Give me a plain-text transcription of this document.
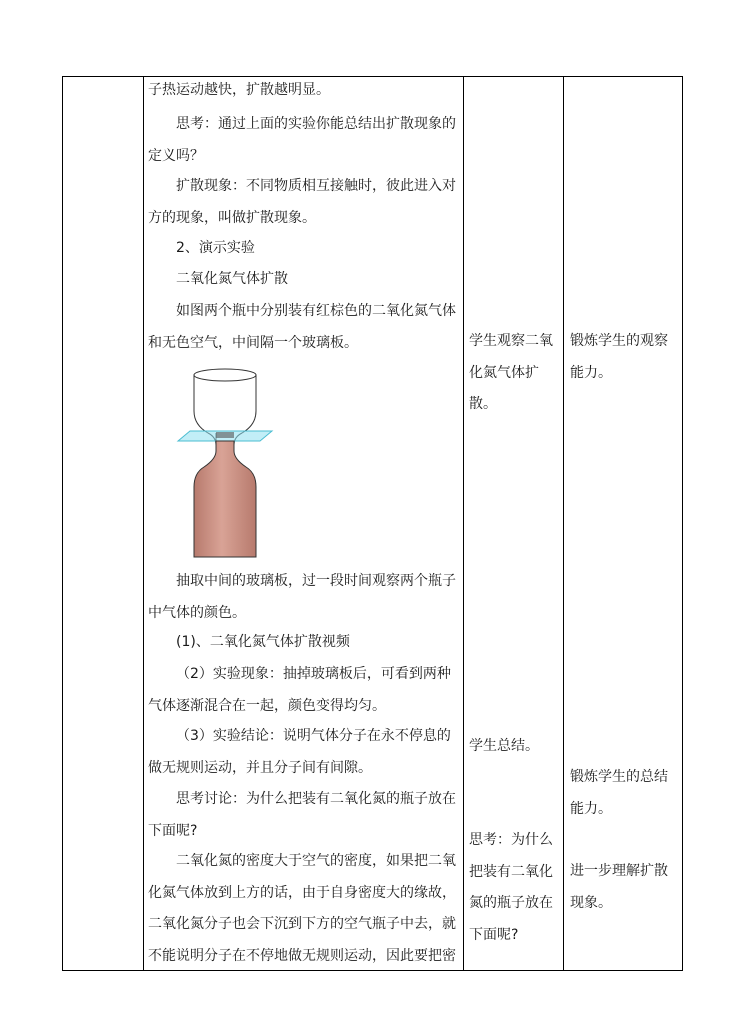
子热运动越快，扩散越明显。

思考：通过上面的实验你能总结出扩散现象的定义吗？

扩散现象：不同物质相互接触时，彼此进入对方的现象，叫做扩散现象。

2、演示实验

二氧化氮气体扩散

如图两个瓶中分别装有红棕色的二氧化氮气体和无色空气，中间隔一个玻璃板。

抽取中间的玻璃板，过一段时间观察两个瓶子中气体的颜色。

(1)、二氧化氮气体扩散视频

（2）实验现象：抽掉玻璃板后，可看到两种气体逐渐混合在一起，颜色变得均匀。

（3）实验结论：说明气体分子在永不停息的做无规则运动，并且分子间有间隙。

思考讨论：为什么把装有二氧化氮的瓶子放在下面呢?

二氧化氮的密度大于空气的密度，如果把二氧化氮气体放到上方的话，由于自身密度大的缘故，二氧化氮分子也会下沉到下方的空气瓶子中去，就不能说明分子在不停地做无规则运动，因此要把密

学生观察二氧化氮气体扩散。

学生总结。

思考：为什么把装有二氧化氮的瓶子放在下面呢?

锻炼学生的观察能力。

锻炼学生的总结能力。

进一步理解扩散现象。
